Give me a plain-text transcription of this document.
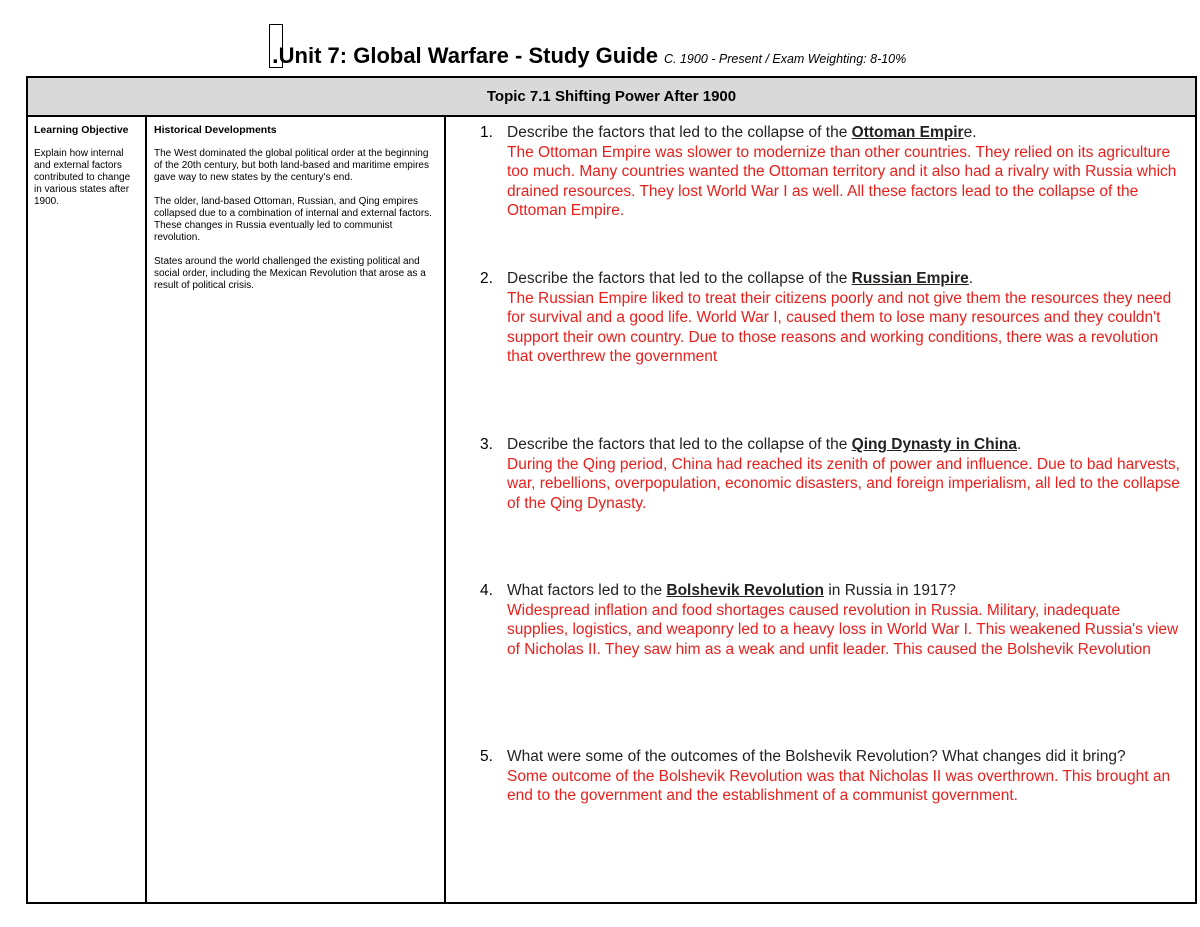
.Unit 7: Global Warfare - Study Guide C. 1900 - Present / Exam Weighting: 8-10%
Topic 7.1 Shifting Power After 1900

Learning Objective

Explain how internal and external factors contributed to change in various states after 1900.

Historical Developments

The West dominated the global political order at the beginning of the 20th century, but both land-based and maritime empires gave way to new states by the century's end.

The older, land-based Ottoman, Russian, and Qing empires collapsed due to a combination of internal and external factors. These changes in Russia eventually led to communist revolution.

States around the world challenged the existing political and social order, including the Mexican Revolution that arose as a result of political crisis.

1. Describe the factors that led to the collapse of the Ottoman Empire.
The Ottoman Empire was slower to modernize than other countries. They relied on its agriculture too much. Many countries wanted the Ottoman territory and it also had a rivalry with Russia which drained resources. They lost World War I as well. All these factors lead to the collapse of the Ottoman Empire.
2. Describe the factors that led to the collapse of the Russian Empire.
The Russian Empire liked to treat their citizens poorly and not give them the resources they need for survival and a good life. World War I, caused them to lose many resources and they couldn't support their own country. Due to those reasons and working conditions, there was a revolution that overthrew the government
3. Describe the factors that led to the collapse of the Qing Dynasty in China.
During the Qing period, China had reached its zenith of power and influence. Due to bad harvests, war, rebellions, overpopulation, economic disasters, and foreign imperialism, all led to the collapse of the Qing Dynasty.
4. What factors led to the Bolshevik Revolution in Russia in 1917?
Widespread inflation and food shortages caused revolution in Russia. Military, inadequate supplies, logistics, and weaponry led to a heavy loss in World War I. This weakened Russia's view of Nicholas II. They saw him as a weak and unfit leader. This caused the Bolshevik Revolution
5. What were some of the outcomes of the Bolshevik Revolution? What changes did it bring?
Some outcome of the Bolshevik Revolution was that Nicholas II was overthrown. This brought an end to the government and the establishment of a communist government.
